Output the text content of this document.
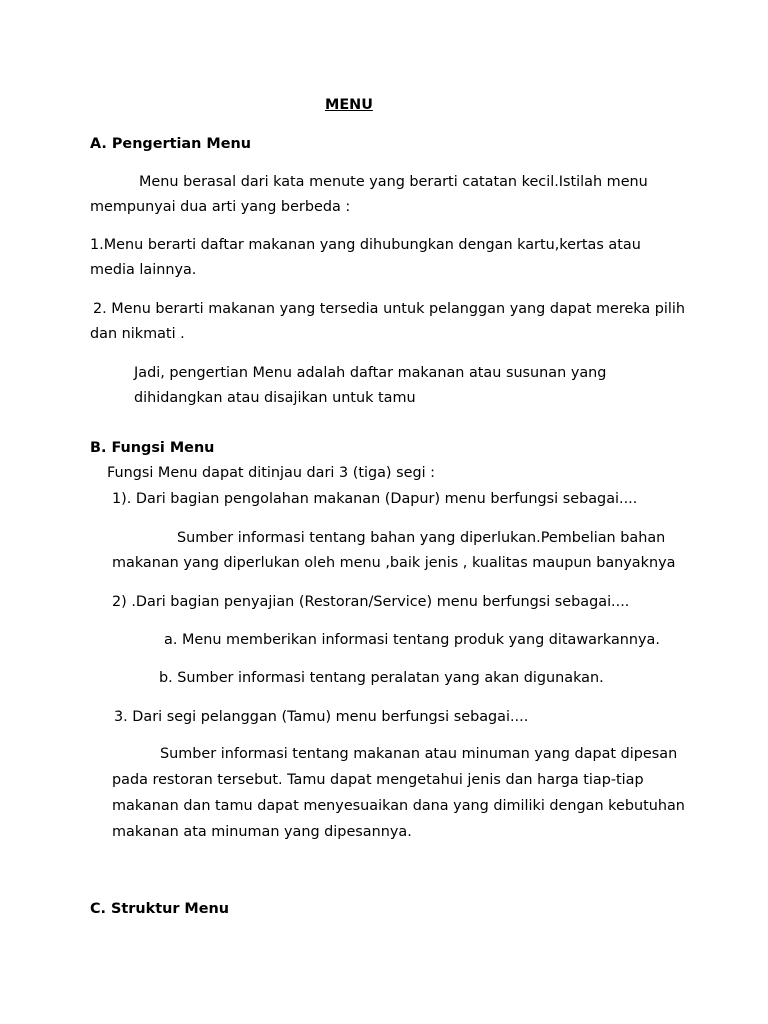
MENU

A. Pengertian Menu

Menu berasal dari kata menute yang berarti catatan kecil.Istilah menu

mempunyai dua arti yang berbeda :

1.Menu berarti daftar makanan yang dihubungkan dengan kartu,kertas atau

media lainnya.

2. Menu berarti makanan yang tersedia untuk pelanggan yang dapat mereka pilih

dan nikmati .

Jadi, pengertian Menu adalah daftar makanan atau susunan yang

dihidangkan atau disajikan untuk tamu

B. Fungsi Menu

Fungsi Menu dapat ditinjau dari 3 (tiga) segi :

1). Dari bagian pengolahan makanan (Dapur) menu berfungsi sebagai....

Sumber informasi tentang bahan yang diperlukan.Pembelian bahan

makanan yang diperlukan oleh menu ,baik jenis , kualitas maupun banyaknya

2) .Dari bagian penyajian (Restoran/Service) menu berfungsi sebagai....

a. Menu memberikan informasi tentang produk yang ditawarkannya.

b. Sumber informasi tentang peralatan yang akan digunakan.

3. Dari segi pelanggan (Tamu) menu berfungsi sebagai....

Sumber informasi tentang makanan atau minuman yang dapat dipesan

pada restoran tersebut. Tamu dapat mengetahui jenis dan harga tiap-tiap

makanan dan tamu dapat menyesuaikan dana yang dimiliki dengan kebutuhan

makanan ata minuman yang dipesannya.

C. Struktur Menu
